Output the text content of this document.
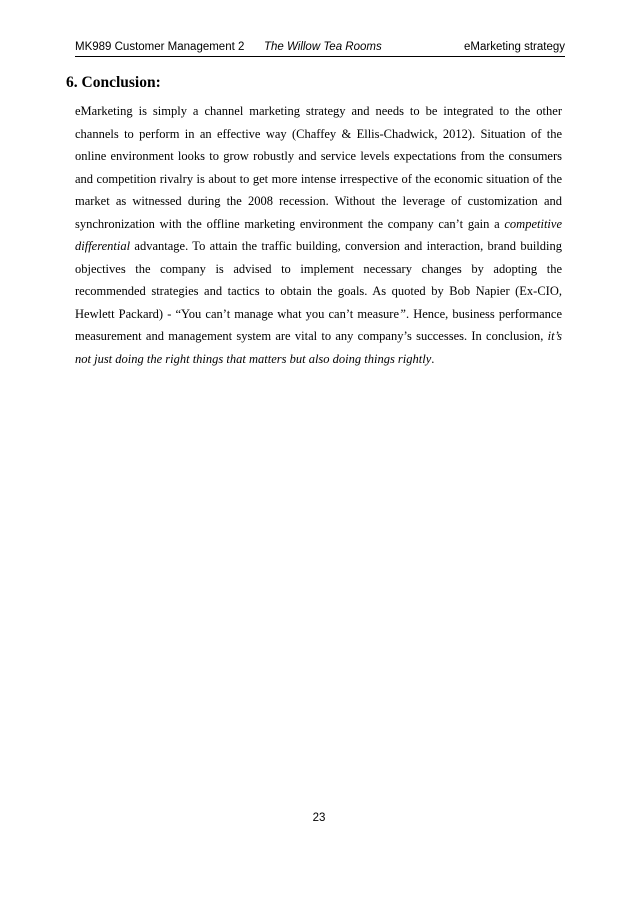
MK989 Customer Management 2 The Willow Tea Rooms	eMarketing strategy
6. Conclusion:

eMarketing is simply a channel marketing strategy and needs to be integrated to the other channels to perform in an effective way (Chaffey & Ellis-Chadwick, 2012). Situation of the online environment looks to grow robustly and service levels expectations from the consumers and competition rivalry is about to get more intense irrespective of the economic situation of the market as witnessed during the 2008 recession. Without the leverage of customization and synchronization with the offline marketing environment the company can’t gain a competitive differential advantage. To attain the traffic building, conversion and interaction, brand building objectives the company is advised to implement necessary changes by adopting the recommended strategies and tactics to obtain the goals. As quoted by Bob Napier (Ex-CIO, Hewlett Packard) - “You can’t manage what you can’t measure”. Hence, business performance measurement and management system are vital to any company’s successes. In conclusion, it’s not just doing the right things that matters but also doing things rightly.

23
